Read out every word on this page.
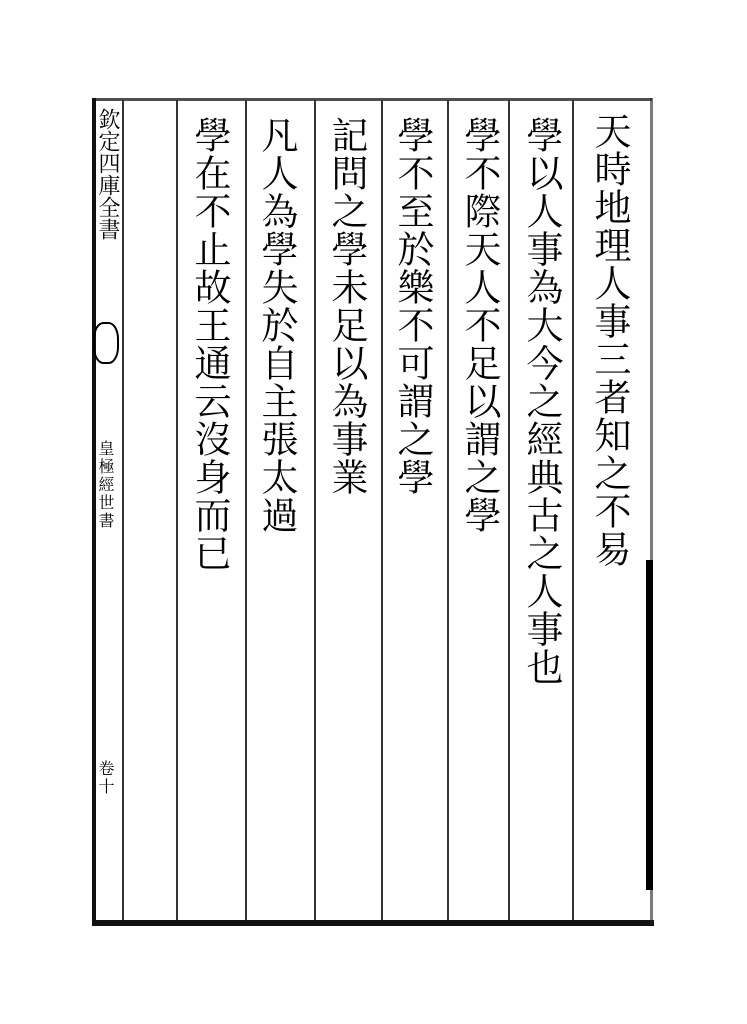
天時地理人事三者知之不易
學以人事為大今之經典古之人事也
學不際天人不足以謂之學
學不至於樂不可謂之學
記問之學未足以為事業
凡人為學失於自主張太過
學在不止故王通云沒身而已
欽定四庫全書
皇極經世書
卷十
